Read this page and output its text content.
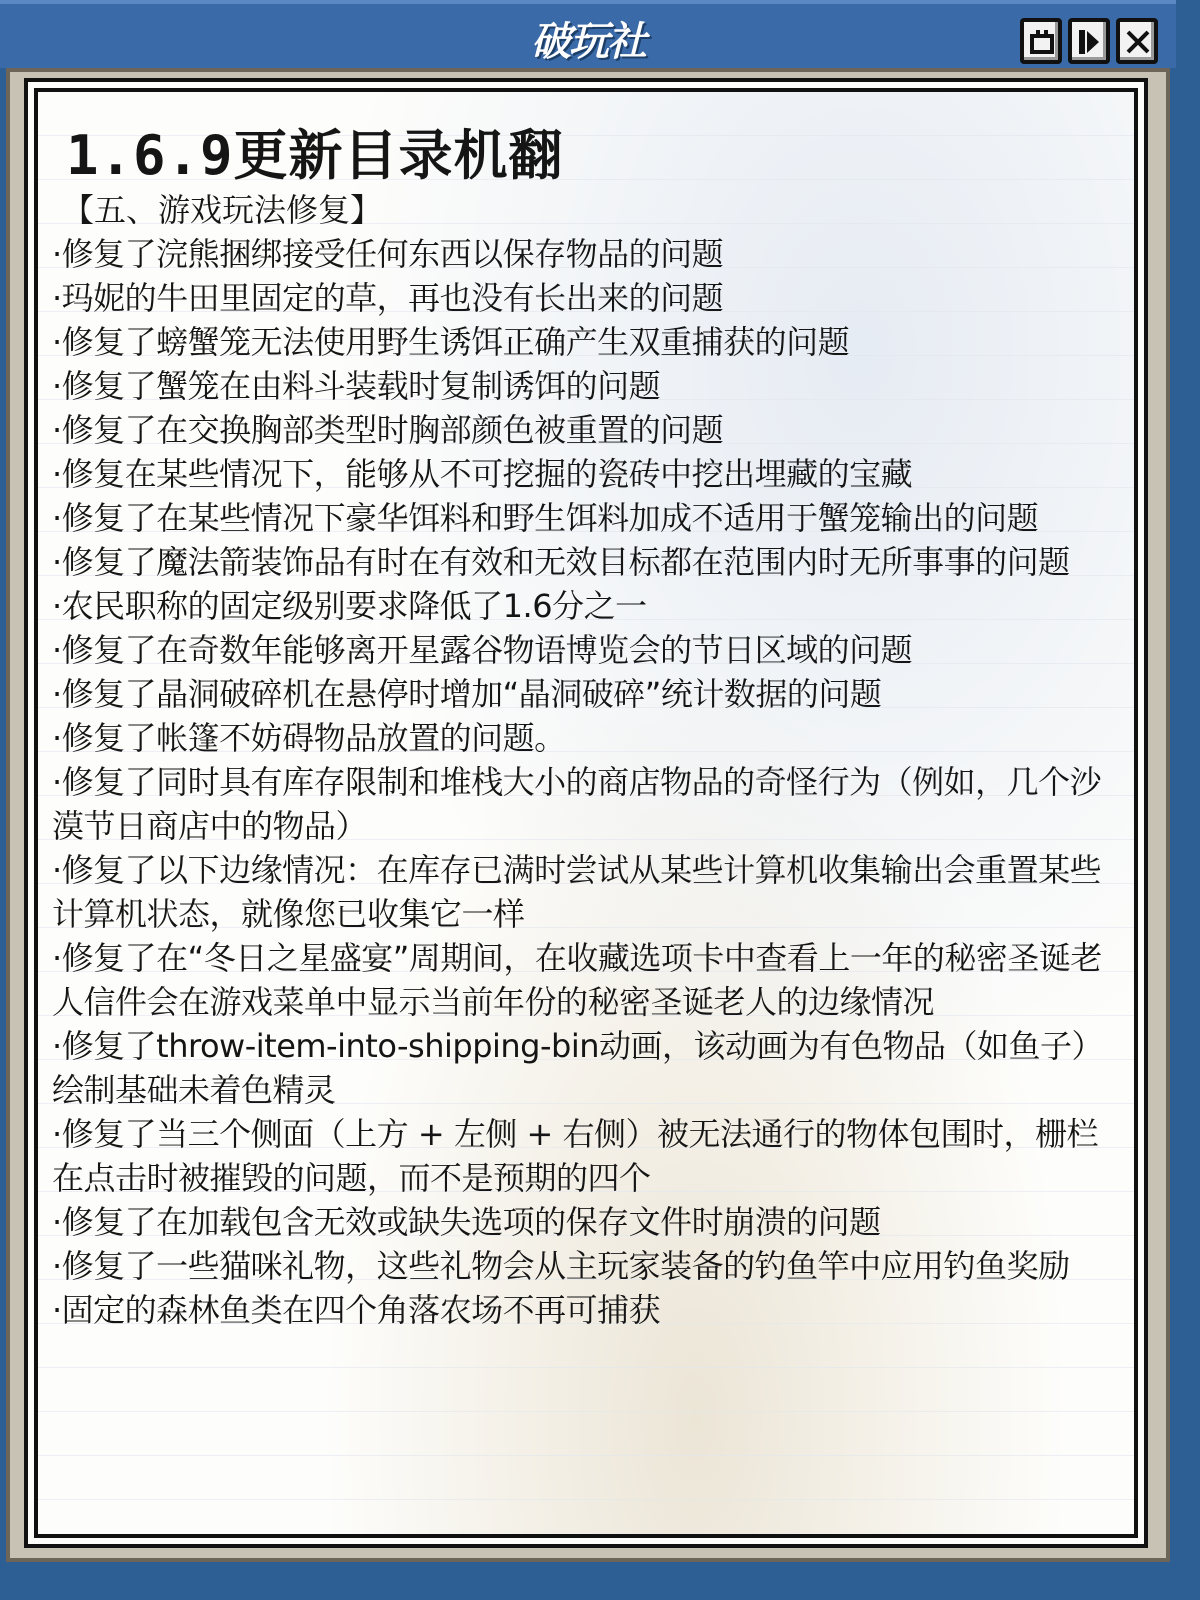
破玩社
1.6.9更新目录机翻
【五、游戏玩法修复】
·修复了浣熊捆绑接受任何东西以保存物品的问题
·玛妮的牛田里固定的草，再也没有长出来的问题
·修复了螃蟹笼无法使用野生诱饵正确产生双重捕获的问题
·修复了蟹笼在由料斗装载时复制诱饵的问题
·修复了在交换胸部类型时胸部颜色被重置的问题
·修复在某些情况下，能够从不可挖掘的瓷砖中挖出埋藏的宝藏
·修复了在某些情况下豪华饵料和野生饵料加成不适用于蟹笼输出的问题
·修复了魔法箭装饰品有时在有效和无效目标都在范围内时无所事事的问题
·农民职称的固定级别要求降低了1.6分之一
·修复了在奇数年能够离开星露谷物语博览会的节日区域的问题
·修复了晶洞破碎机在悬停时增加“晶洞破碎”统计数据的问题
·修复了帐篷不妨碍物品放置的问题。
·修复了同时具有库存限制和堆栈大小的商店物品的奇怪行为（例如，几个沙漠节日商店中的物品）
·修复了以下边缘情况：在库存已满时尝试从某些计算机收集输出会重置某些计算机状态，就像您已收集它一样
·修复了在“冬日之星盛宴”周期间，在收藏选项卡中查看上一年的秘密圣诞老人信件会在游戏菜单中显示当前年份的秘密圣诞老人的边缘情况
·修复了throw-item-into-shipping-bin动画，该动画为有色物品（如鱼子）绘制基础未着色精灵
·修复了当三个侧面（上方 + 左侧 + 右侧）被无法通行的物体包围时，栅栏在点击时被摧毁的问题，而不是预期的四个
·修复了在加载包含无效或缺失选项的保存文件时崩溃的问题
·修复了一些猫咪礼物，这些礼物会从主玩家装备的钓鱼竿中应用钓鱼奖励
·固定的森林鱼类在四个角落农场不再可捕获
